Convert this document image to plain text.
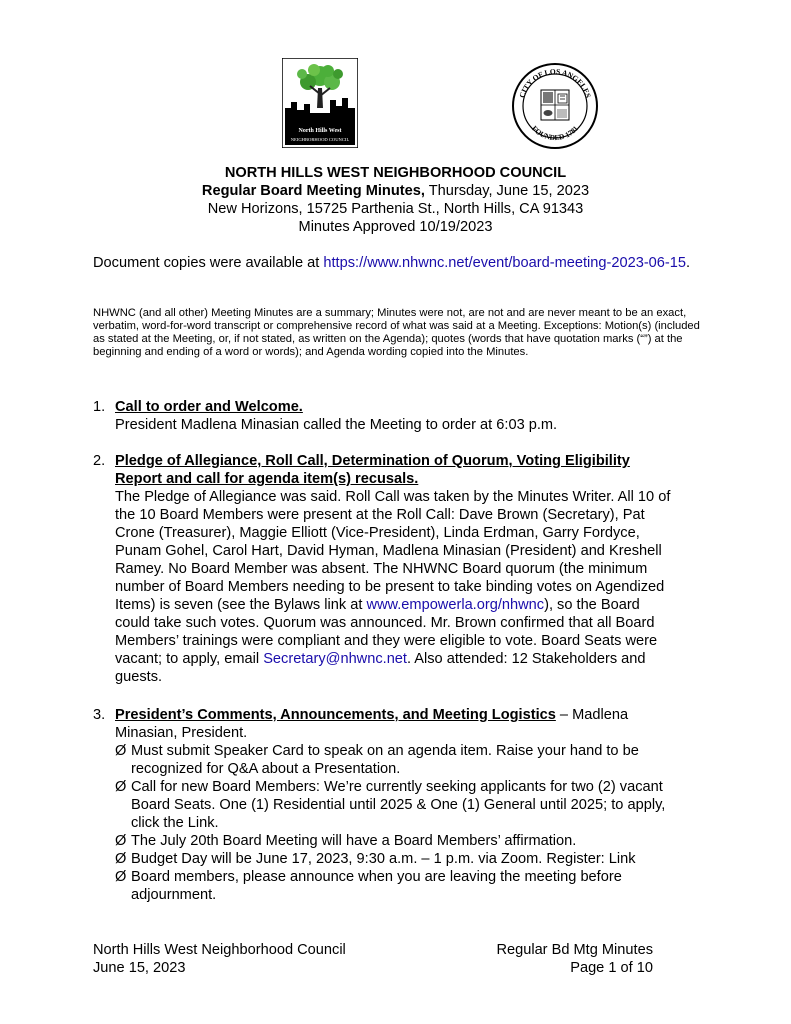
North Hills West
NEIGHBORHOOD COUNCIL
CITY OF LOS ANGELES
FOUNDED 1781
NORTH HILLS WEST NEIGHBORHOOD COUNCIL
Regular Board Meeting Minutes, Thursday, June 15, 2023
New Horizons, 15725 Parthenia St., North Hills, CA 91343
Minutes Approved 10/19/2023
Document copies were available at https://www.nhwnc.net/event/board-meeting-2023-06-15.
NHWNC (and all other) Meeting Minutes are a summary; Minutes were not, are not and are never meant to be an exact, verbatim, word-for-word transcript or comprehensive record of what was said at a Meeting. Exceptions: Motion(s) (included as stated at the Meeting, or, if not stated, as written on the Agenda); quotes (words that have quotation marks (“”) at the beginning and ending of a word or words); and Agenda wording copied into the Minutes.
1. Call to order and Welcome.
President Madlena Minasian called the Meeting to order at 6:03 p.m.
2. Pledge of Allegiance, Roll Call, Determination of Quorum, Voting Eligibility Report and call for agenda item(s) recusals.
The Pledge of Allegiance was said. Roll Call was taken by the Minutes Writer. All 10 of the 10 Board Members were present at the Roll Call: Dave Brown (Secretary), Pat Crone (Treasurer), Maggie Elliott (Vice-President), Linda Erdman, Garry Fordyce, Punam Gohel, Carol Hart, David Hyman, Madlena Minasian (President) and Kreshell Ramey. No Board Member was absent. The NHWNC Board quorum (the minimum number of Board Members needing to be present to take binding votes on Agendized Items) is seven (see the Bylaws link at www.empowerla.org/nhwnc), so the Board could take such votes. Quorum was announced. Mr. Brown confirmed that all Board Members’ trainings were compliant and they were eligible to vote. Board Seats were vacant; to apply, email Secretary@nhwnc.net. Also attended: 12 Stakeholders and guests.
3. President’s Comments, Announcements, and Meeting Logistics – Madlena Minasian, President.
Ø Must submit Speaker Card to speak on an agenda item. Raise your hand to be recognized for Q&A about a Presentation.
Ø Call for new Board Members: We’re currently seeking applicants for two (2) vacant Board Seats. One (1) Residential until 2025 & One (1) General until 2025; to apply, click the Link.
Ø The July 20th Board Meeting will have a Board Members’ affirmation.
Ø Budget Day will be June 17, 2023, 9:30 a.m. – 1 p.m. via Zoom. Register: Link
Ø Board members, please announce when you are leaving the meeting before adjournment.
North Hills West Neighborhood Council
June 15, 2023
Regular Bd Mtg Minutes
Page 1 of 10
